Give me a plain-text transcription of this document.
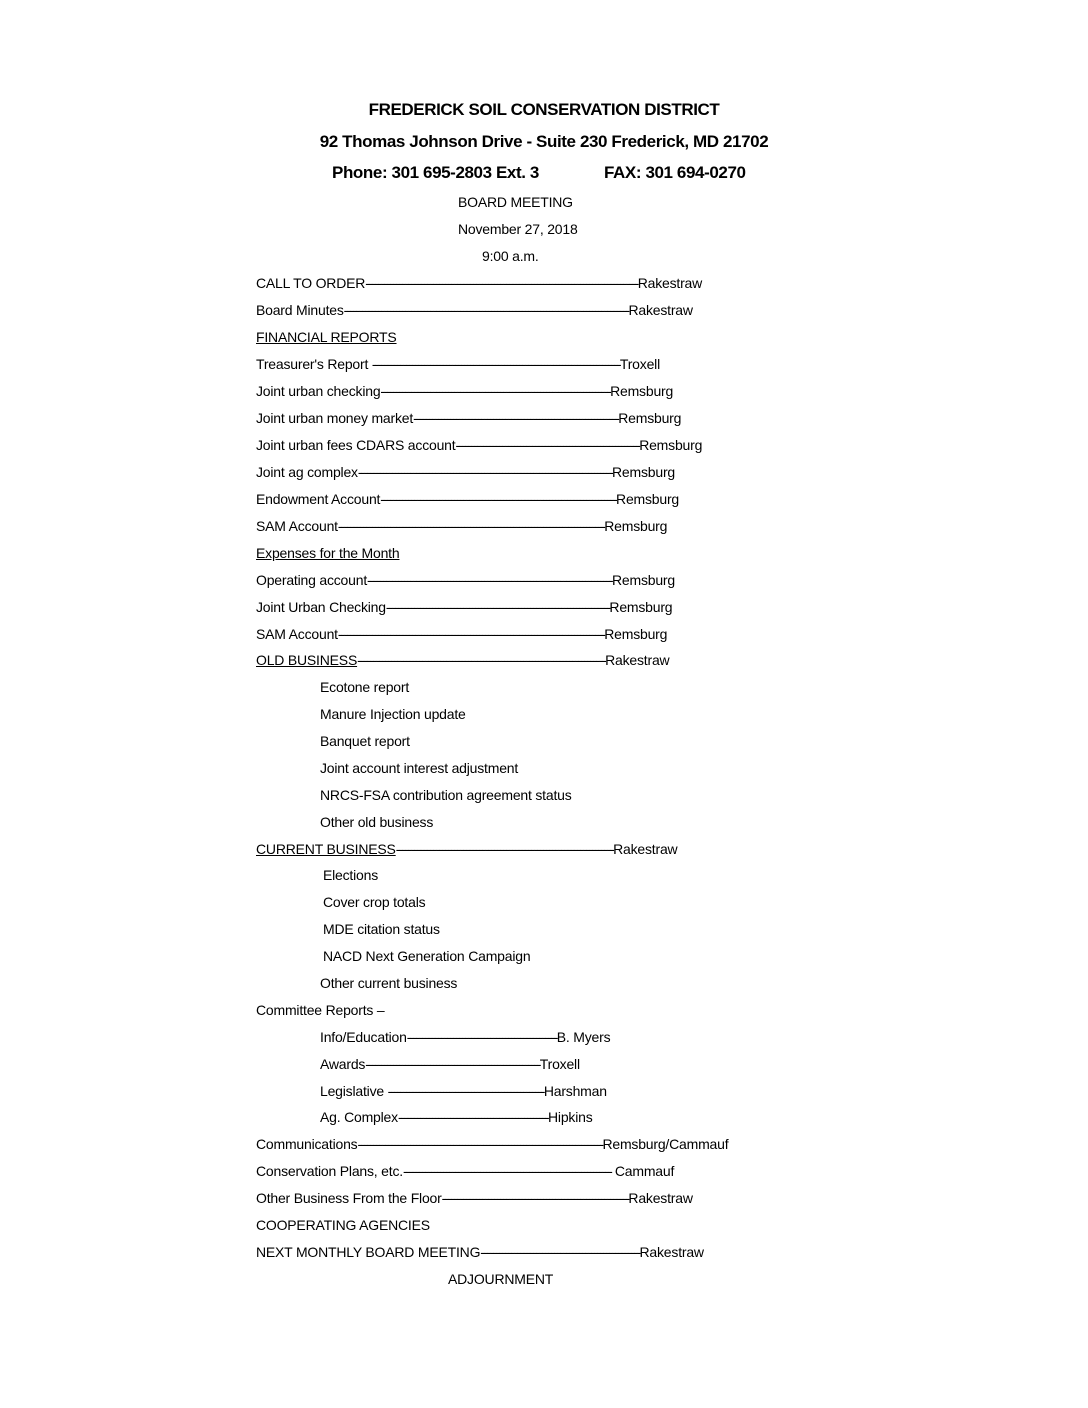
FREDERICK SOIL CONSERVATION DISTRICT
92 Thomas Johnson Drive - Suite 230 Frederick, MD 21702
Phone: 301 695-2803 Ext. 3	FAX: 301 694-0270
BOARD MEETING
November 27, 2018
9:00 a.m.
CALL TO ORDER-----------------------------------------------------------------------------------------Rakestraw
Board Minutes---------------------------------------------------------------------------------------------Rakestraw
FINANCIAL REPORTS
Treasurer's Report ---------------------------------------------------------------------------------Troxell
Joint urban checking---------------------------------------------------------------------------Remsburg
Joint urban money market-------------------------------------------------------------------Remsburg
Joint urban fees CDARS account------------------------------------------------------------Remsburg
Joint ag complex-----------------------------------------------------------------------------------Remsburg
Endowment Account-----------------------------------------------------------------------------Remsburg
SAM Account---------------------------------------------------------------------------------------Remsburg
Expenses for the Month
Operating account--------------------------------------------------------------------------------Remsburg
Joint Urban Checking-------------------------------------------------------------------------Remsburg
SAM Account---------------------------------------------------------------------------------------Remsburg
OLD BUSINESS---------------------------------------------------------------------------------Rakestraw
Ecotone report
Manure Injection update
Banquet report
Joint account interest adjustment
NRCS-FSA contribution agreement status
Other old business
CURRENT BUSINESS-----------------------------------------------------------------------Rakestraw
Elections
Cover crop totals
MDE citation status
NACD Next Generation Campaign
Other current business
Committee Reports –
Info/Education-------------------------------------------------B. Myers
Awards---------------------------------------------------------Troxell
Legislative ---------------------------------------------------Harshman
Ag. Complex-------------------------------------------------Hipkins
Communications--------------------------------------------------------------------------------Remsburg/Cammauf
Conservation Plans, etc.-------------------------------------------------------------------- Cammauf
Other Business From the Floor-------------------------------------------------------------Rakestraw
COOPERATING AGENCIES
NEXT MONTHLY BOARD MEETING----------------------------------------------------Rakestraw
ADJOURNMENT
